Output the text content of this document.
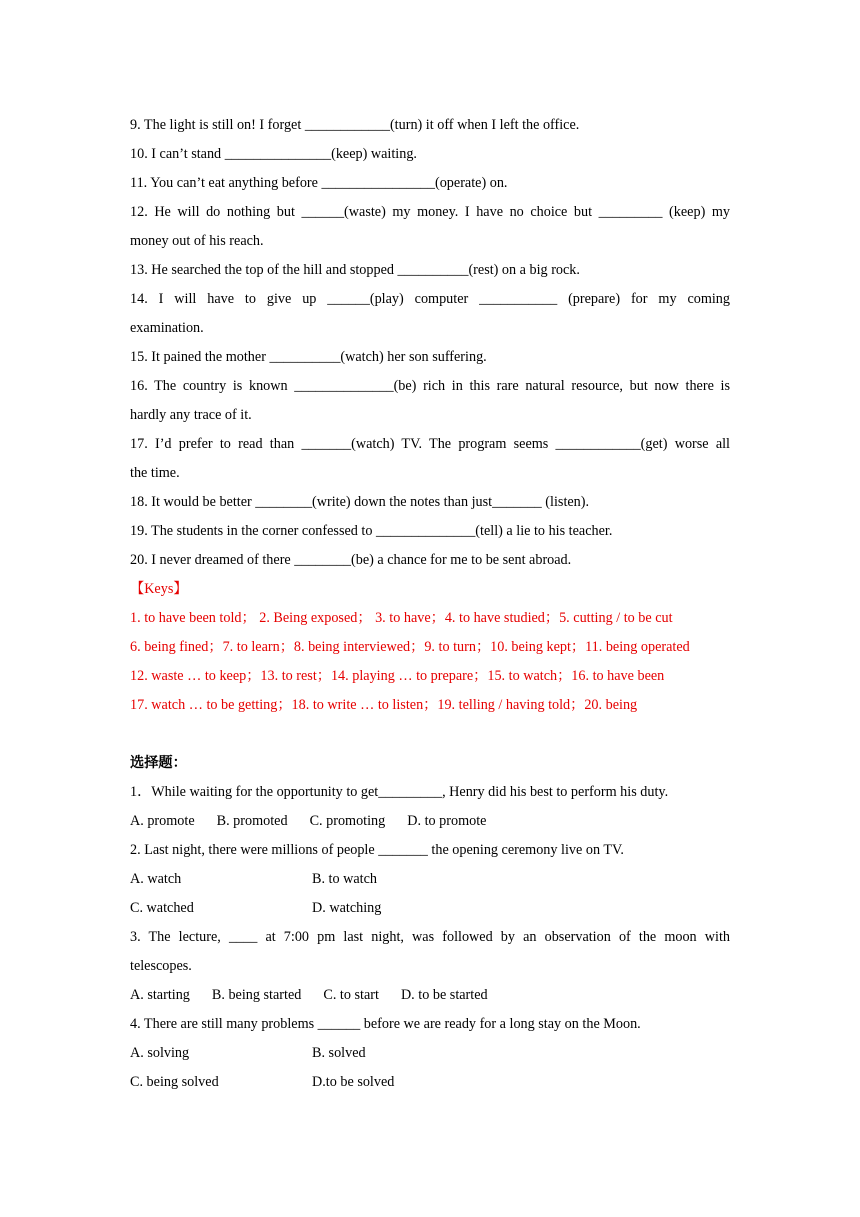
9. The light is still on! I forget ____________(turn) it off when I left the office.
10. I can’t stand _______________(keep) waiting.
11. You can’t eat anything before ________________(operate) on.
12. He will do nothing but ______(waste) my money. I have no choice but _________ (keep) my
money out of his reach.
13. He searched the top of the hill and stopped __________(rest) on a big rock.
14. I will have to give up ______(play) computer ___________ (prepare) for my coming
examination.
15. It pained the mother __________(watch) her son suffering.
16. The country is known ______________(be) rich in this rare natural resource, but now there is
hardly any trace of it.
17. I’d prefer to read than _______(watch) TV. The program seems ____________(get) worse all
the time.
18. It would be better ________(write) down the notes than just_______ (listen).
19. The students in the corner confessed to ______________(tell) a lie to his teacher.
20. I never dreamed of there ________(be) a chance for me to be sent abroad.
【Keys】
1. to have been told； 2. Being exposed； 3. to have；4. to have studied；5. cutting / to be cut
6. being fined；7. to learn；8. being interviewed；9. to turn；10. being kept；11. being operated
12. waste … to keep；13. to rest；14. playing … to prepare；15. to watch；16. to have been
17. watch … to be getting；18. to write … to listen；19. telling / having told；20. being
选择题：
1．While waiting for the opportunity to get_________, Henry did his best to perform his duty.
A. promote B. promoted C. promoting D. to promote
2. Last night, there were millions of people _______ the opening ceremony live on TV.
A. watch	B. to watch
C. watched	D. watching
3. The lecture, ____ at 7:00 pm last night, was followed by an observation of the moon with
telescopes.
A. starting B. being started C. to start D. to be started
4. There are still many problems ______ before we are ready for a long stay on the Moon.
A. solving	B. solved
C. being solved	D.to be solved
